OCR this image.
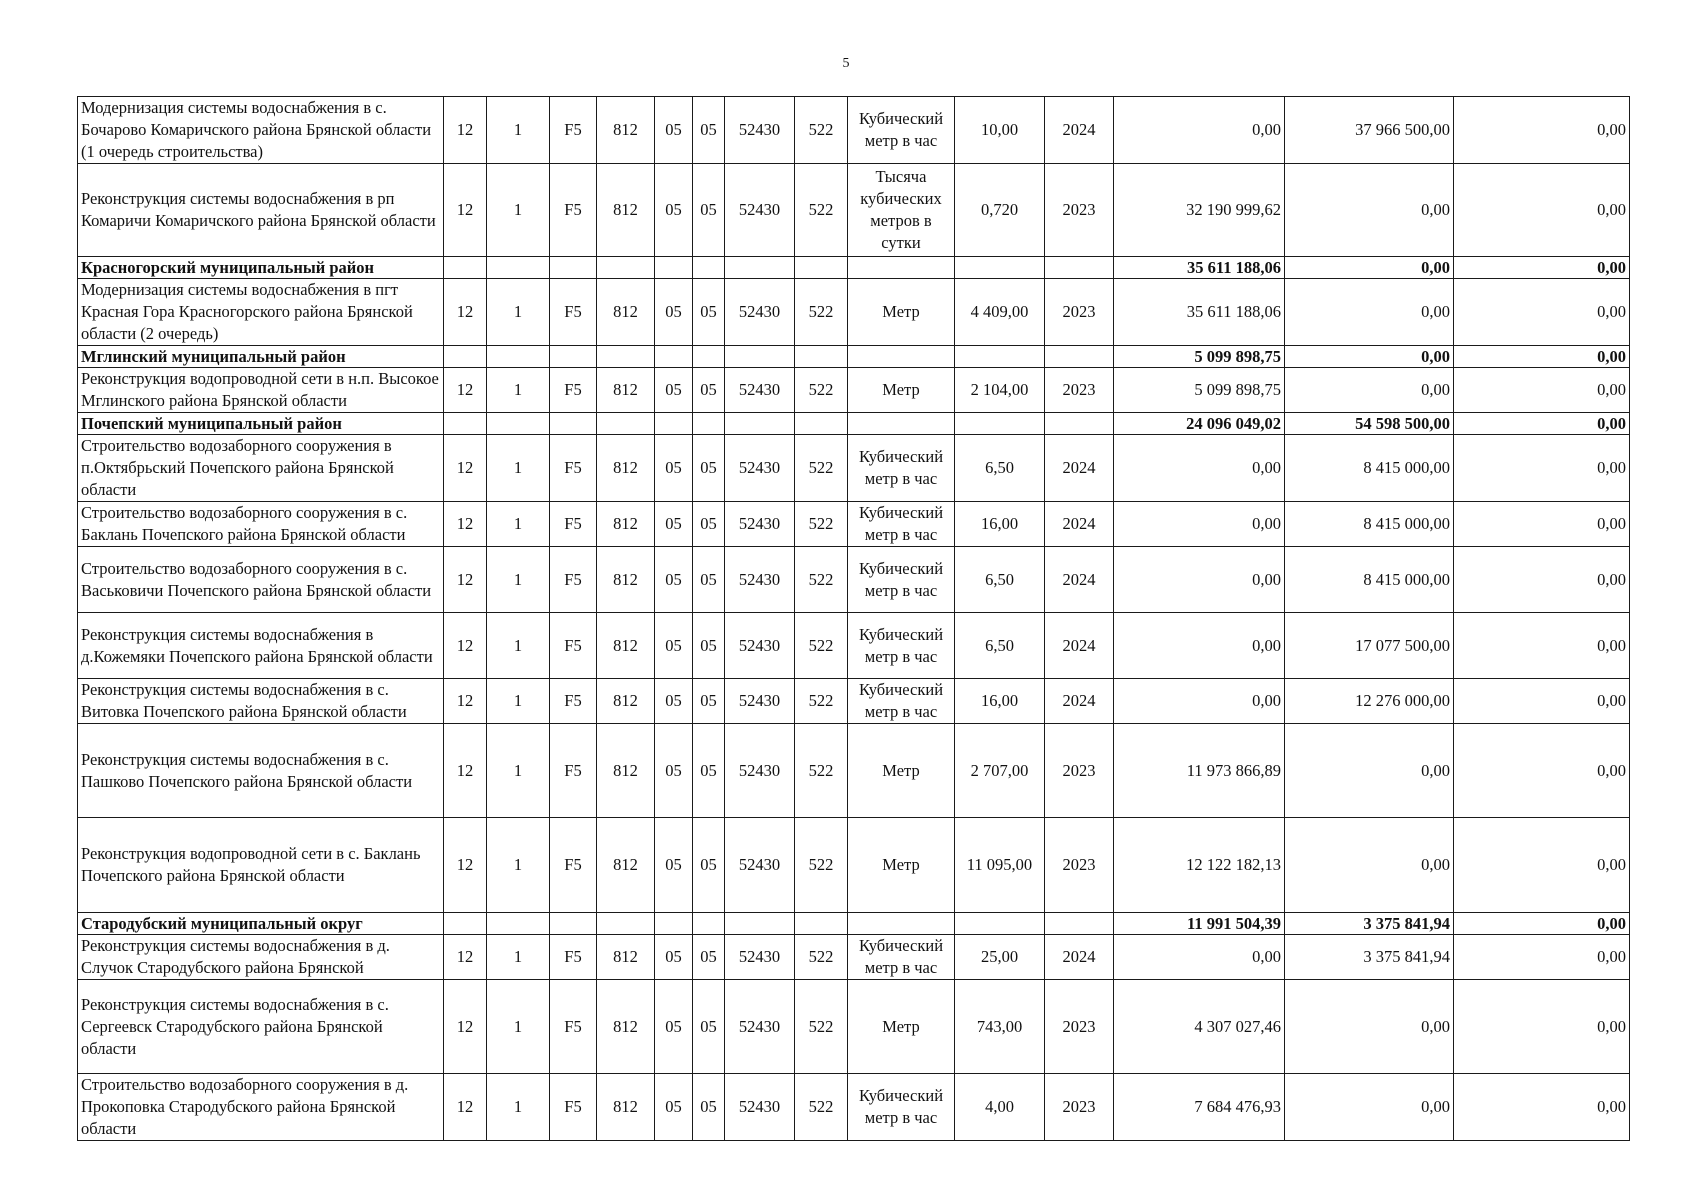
5
Модернизация системы водоснабжения в с. Бочарово Комаричского района Брянской области (1 очередь строительства)	12	1	F5	812	05	05	52430	522	Кубический метр в час	10,00	2024	0,00	37 966 500,00	0,00
Реконструкция системы водоснабжения в рп Комаричи Комаричского района Брянской области	12	1	F5	812	05	05	52430	522	Тысяча кубических метров в сутки	0,720	2023	32 190 999,62	0,00	0,00
Красногорский муниципальный район												35 611 188,06	0,00	0,00
Модернизация системы водоснабжения в пгт Красная Гора Красногорского района Брянской области (2 очередь)	12	1	F5	812	05	05	52430	522	Метр	4 409,00	2023	35 611 188,06	0,00	0,00
Мглинский муниципальный район												5 099 898,75	0,00	0,00
Реконструкция водопроводной сети в н.п. Высокое Мглинского района Брянской области	12	1	F5	812	05	05	52430	522	Метр	2 104,00	2023	5 099 898,75	0,00	0,00
Почепский муниципальный район												24 096 049,02	54 598 500,00	0,00
Строительство водозаборного сооружения в п.Октябрьский Почепского района Брянской области	12	1	F5	812	05	05	52430	522	Кубический метр в час	6,50	2024	0,00	8 415 000,00	0,00
Строительство водозаборного сооружения в с. Баклань Почепского района Брянской области	12	1	F5	812	05	05	52430	522	Кубический метр в час	16,00	2024	0,00	8 415 000,00	0,00
Строительство водозаборного сооружения в с. Васьковичи Почепского района Брянской области	12	1	F5	812	05	05	52430	522	Кубический метр в час	6,50	2024	0,00	8 415 000,00	0,00
Реконструкция системы водоснабжения в д.Кожемяки Почепского района Брянской области	12	1	F5	812	05	05	52430	522	Кубический метр в час	6,50	2024	0,00	17 077 500,00	0,00
Реконструкция системы водоснабжения в с. Витовка Почепского района Брянской области	12	1	F5	812	05	05	52430	522	Кубический метр в час	16,00	2024	0,00	12 276 000,00	0,00
Реконструкция системы водоснабжения в с. Пашково Почепского района Брянской области	12	1	F5	812	05	05	52430	522	Метр	2 707,00	2023	11 973 866,89	0,00	0,00
Реконструкция водопроводной сети в с. Баклань Почепского района Брянской области	12	1	F5	812	05	05	52430	522	Метр	11 095,00	2023	12 122 182,13	0,00	0,00
Стародубский муниципальный округ												11 991 504,39	3 375 841,94	0,00
Реконструкция системы водоснабжения в д. Случок Стародубского района Брянской	12	1	F5	812	05	05	52430	522	Кубический метр в час	25,00	2024	0,00	3 375 841,94	0,00
Реконструкция системы водоснабжения в с. Сергеевск Стародубского района Брянской области	12	1	F5	812	05	05	52430	522	Метр	743,00	2023	4 307 027,46	0,00	0,00
Строительство водозаборного сооружения в д. Прокоповка Стародубского района Брянской области	12	1	F5	812	05	05	52430	522	Кубический метр в час	4,00	2023	7 684 476,93	0,00	0,00
